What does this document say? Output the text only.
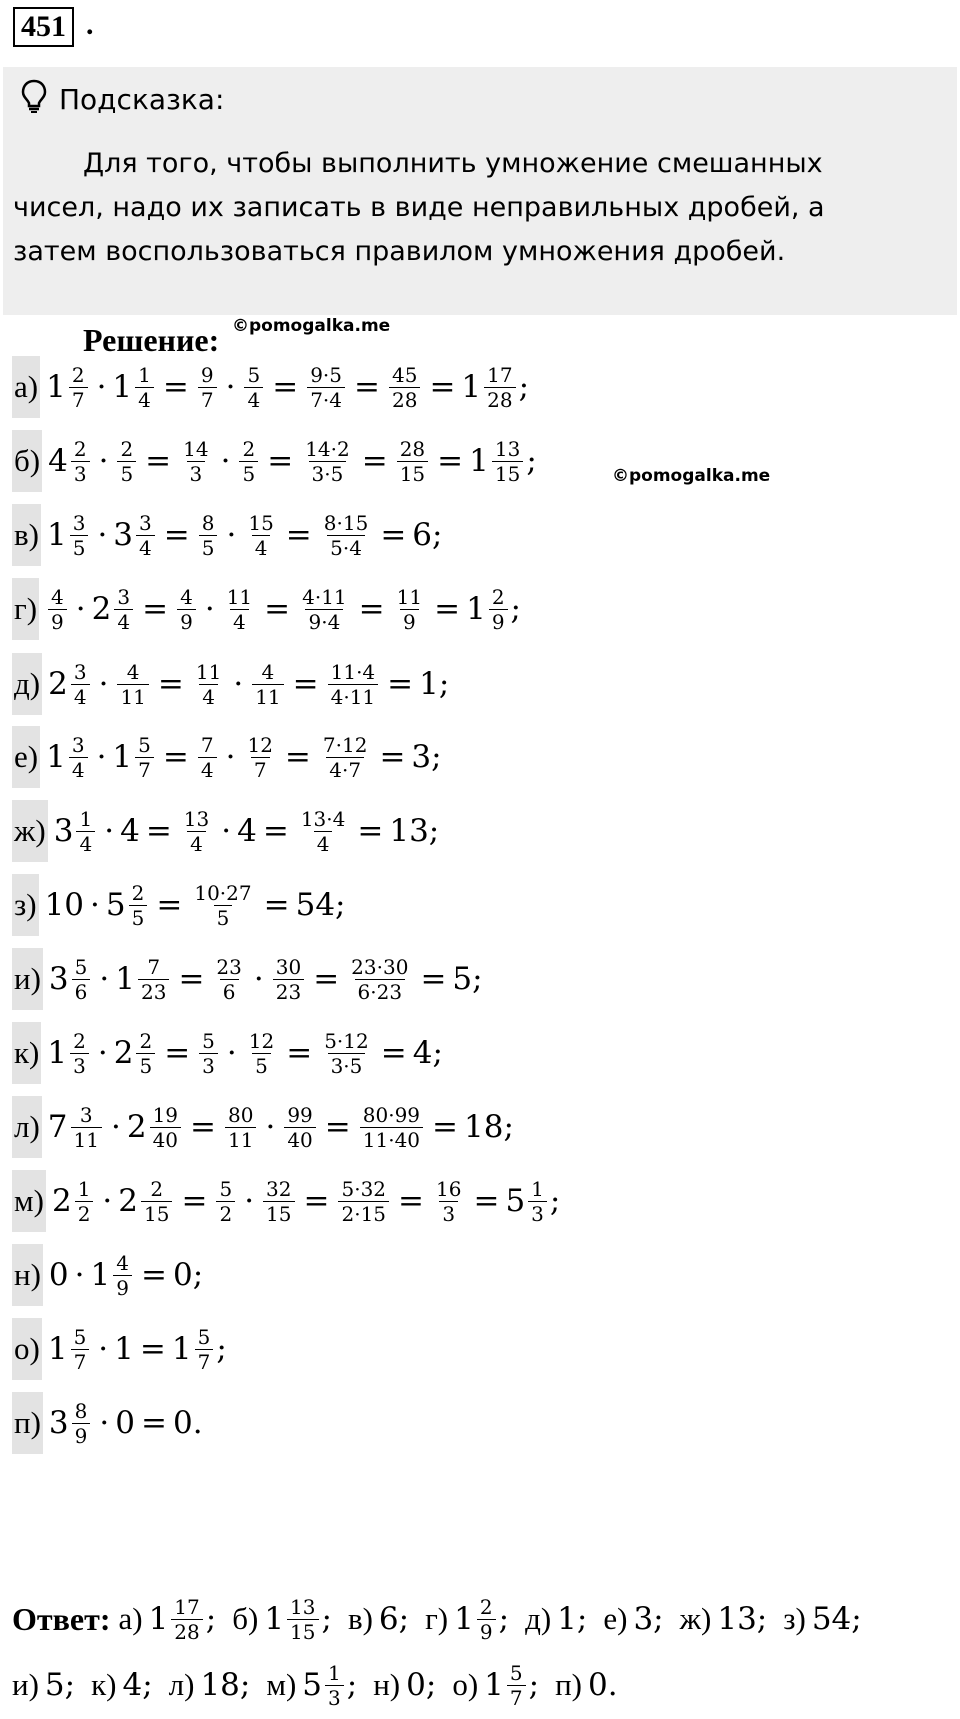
451 .
Подсказка:

Для того, чтобы выполнить умножение смешанных чисел, надо их записать в виде неправильных дробей, а затем воспользоваться правилом умножения дробей.

Решение: ©pomogalka.me
©pomogalka.me
а) $1 \frac{2}{7} \cdot 1 \frac{1}{4} = \frac{9}{7} \cdot \frac{5}{4} = \frac{9\cdot 5}{7\cdot 4} = \frac{45}{28} = 1 \frac{17}{28}$ ;
б) $4 \frac{2}{3} \cdot \frac{2}{5} = \frac{14}{3} \cdot \frac{2}{5} = \frac{14\cdot 2}{3\cdot 5} = \frac{28}{15} = 1 \frac{13}{15}$ ;
в) $1 \frac{3}{5} \cdot 3 \frac{3}{4} = \frac{8}{5} \cdot \frac{15}{4} = \frac{8\cdot 15}{5\cdot 4} = 6$;
$г) \frac{4}{9} \cdot 2 \frac{3}{4} = \frac{4}{9} \cdot \frac{11}{4} = \frac{4\cdot 11}{9\cdot 4} = \frac{11}{9} = 1 \frac{2}{9}$ ;
д) $2 \frac{3}{4} \cdot \frac{4}{11} = \frac{11}{4} \cdot \frac{4}{11} = \frac{11\cdot 4}{4\cdot 11} = 1$;
е) $1 \frac{3}{4} \cdot 1 \frac{5}{7} = \frac{7}{4} \cdot \frac{12}{7} = \frac{7\cdot 12}{4\cdot 7} = 3$;
ж) $3 \frac{1}{4} \cdot 4 = \frac{13}{4} \cdot 4 = \frac{13\cdot 4}{4} = 13$;
з) $10 \cdot 5 \frac{2}{5} = \frac{10\cdot 27}{5} = 54$;
и) $3 \frac{5}{6} \cdot 1 \frac{7}{23} = \frac{23}{6} \cdot \frac{30}{23} = \frac{23\cdot 30}{6\cdot 23} = 5$;
к) $1 \frac{2}{3} \cdot 2 \frac{2}{5} = \frac{5}{3} \cdot \frac{12}{5} = \frac{5\cdot 12}{3\cdot 5} = 4$;
л) $7 \frac{3}{11} \cdot 2 \frac{19}{40} = \frac{80}{11} \cdot \frac{99}{40} = \frac{80\cdot 99}{11\cdot 40} = 18$;
м) $2 \frac{1}{2} \cdot 2 \frac{2}{15} = \frac{5}{2} \cdot \frac{32}{15} = \frac{5\cdot 32}{2\cdot 15} = \frac{16}{3} = 5 \frac{1}{3}$ ;
н) $0 \cdot 1 \frac{4}{9} = 0$;
о) $1 \frac{5}{7} \cdot 1 = 1 \frac{5}{7}$ ;
п) $3 \frac{8}{9} \cdot 0 = 0$.
Ответ: а) $1 \frac{17}{28}$ ; б) $1 \frac{13}{15}$ ; в) 6; г) $1 \frac{2}{9}$ ; д) 1; е) 3; ж) 13; з) 54;
и) 5; к) 4; л) 18; м) $5 \frac{1}{3}$ ; н) 0; о) $1 \frac{5}{7}$ ; п) 0.
